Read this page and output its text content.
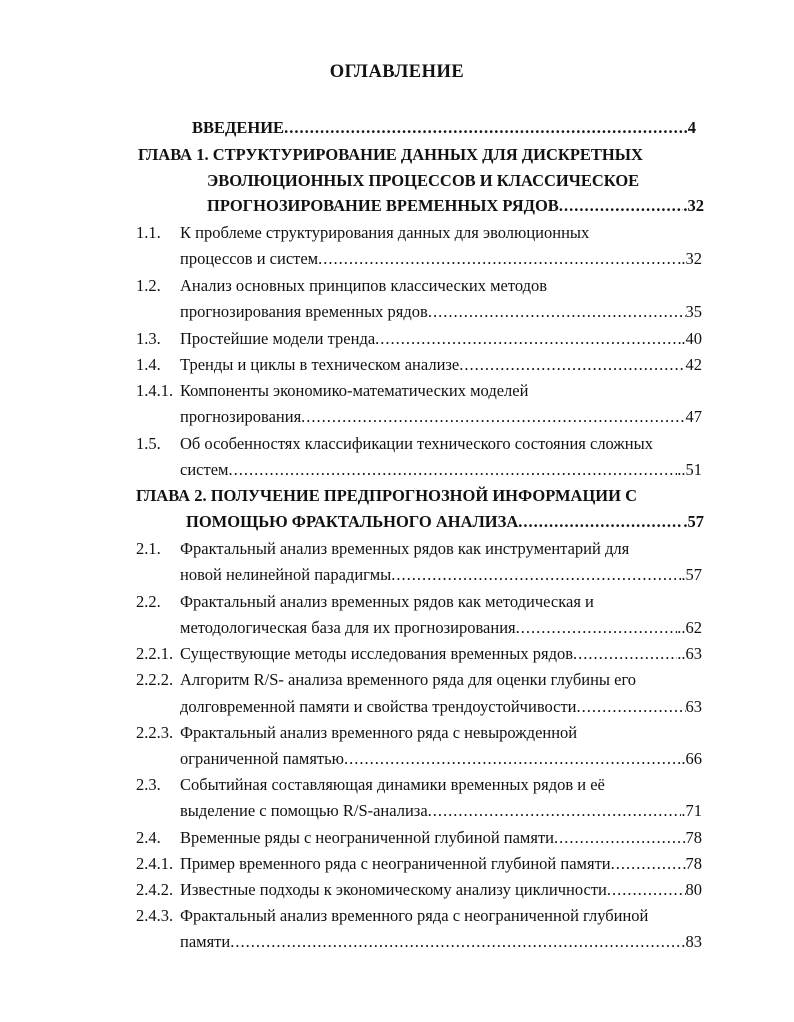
ОГЛАВЛЕНИЕ
ВВЕДЕНИЕ .....	.4
ГЛАВА 1. СТРУКТУРИРОВАНИЕ ДАННЫХ ДЛЯ ДИСКРЕТНЫХ
ЭВОЛЮЦИОННЫХ ПРОЦЕССОВ И КЛАССИЧЕСКОЕ
ПРОГНОЗИРОВАНИЕ ВРЕМЕННЫХ РЯДОВ .....	.32
1.1. К проблеме структурирования данных для эволюционных
процессов и систем .....	..32
1.2. Анализ основных принципов классических методов
прогнозирования временных рядов .....	35
1.3. Простейшие модели тренда .....	.40
1.4. Тренды и циклы в техническом анализе .....	42
1.4.1. Компоненты экономико-математических моделей
прогнозирования .....	47
1.5. Об особенностях классификации технического состояния сложных
систем .....	..51
ГЛАВА 2. ПОЛУЧЕНИЕ ПРЕДПРОГНОЗНОЙ ИНФОРМАЦИИ С
ПОМОЩЬЮ ФРАКТАЛЬНОГО АНАЛИЗА .....	.57
2.1. Фрактальный анализ временных рядов как инструментарий для
новой нелинейной парадигмы .....	.57
2.2. Фрактальный анализ временных рядов как методическая и
методологическая база для их прогнозирования .....	..62
2.2.1. Существующие методы исследования временных рядов .....	..63
2.2.2. Алгоритм R/S- анализа временного ряда для оценки глубины его
долговременной памяти и свойства трендоустойчивости .....	63
2.2.3. Фрактальный анализ временного ряда с невырожденной
ограниченной памятью .....	.66
2.3. Событийная составляющая динамики временных рядов и её
выделение с помощью R/S-анализа .....	.71
2.4. Временные ряды с неограниченной глубиной памяти .....	78
2.4.1. Пример временного ряда с неограниченной глубиной памяти .....	78
2.4.2. Известные подходы к экономическому анализу цикличности .....	80
2.4.3. Фрактальный анализ временного ряда с неограниченной глубиной
памяти .....	83
